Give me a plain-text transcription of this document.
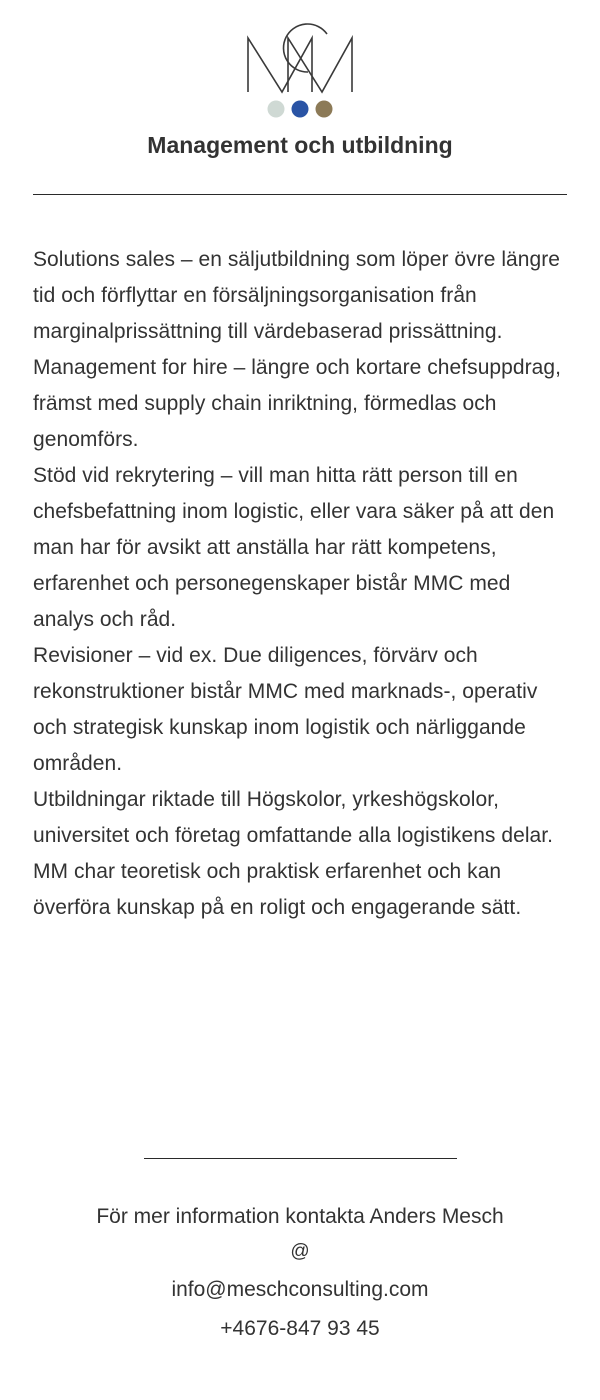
Management och utbildning

Solutions sales – en säljutbildning som löper övre längre tid och förflyttar en försäljningsorganisation från marginalprissättning till värdebaserad prissättning.

Management for hire – längre och kortare chefsuppdrag, främst med supply chain inriktning, förmedlas och genomförs.

Stöd vid rekrytering – vill man hitta rätt person till en chefsbefattning inom logistic, eller vara säker på att den man har för avsikt att anställa har rätt kompetens, erfarenhet och personegenskaper bistår MMC med analys och råd.

Revisioner – vid ex. Due diligences, förvärv och rekonstruktioner bistår MMC med marknads-, operativ och strategisk kunskap inom logistik och närliggande områden.

Utbildningar riktade till Högskolor, yrkeshögskolor, universitet och företag omfattande alla logistikens delar. MM char teoretisk och praktisk erfarenhet och kan överföra kunskap på en roligt och engagerande sätt.

För mer information kontakta Anders Mesch

@

info@meschconsulting.com

+4676-847 93 45
